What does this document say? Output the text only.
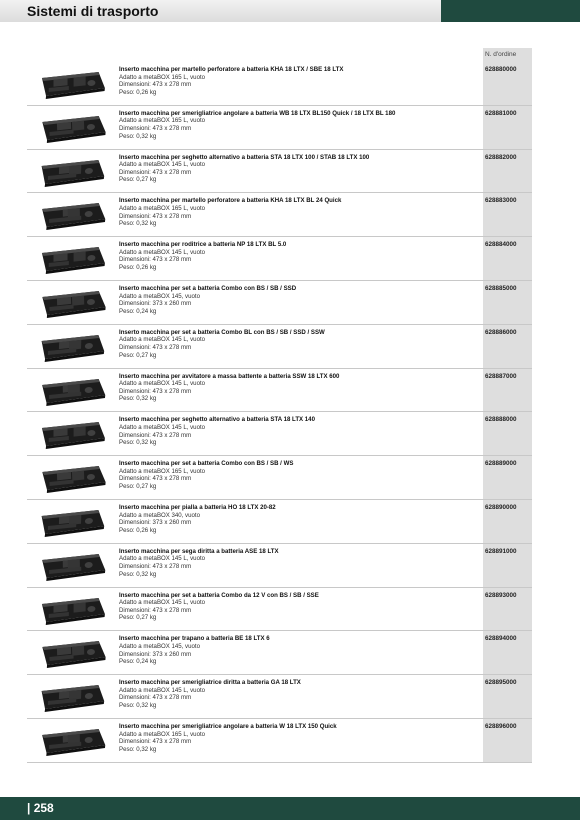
Sistemi di trasporto
N. d'ordine
Inserto macchina per martello perforatore a batteria KHA 18 LTX / SBE 18 LTX
Adatto a metaBOX 165 L, vuoto
Dimensioni: 473 x 278 mm
Peso: 0,26 kg
628880000
Inserto macchina per smerigliatrice angolare a batteria WB 18 LTX BL150 Quick / 18 LTX BL 180
Adatto a metaBOX 165 L, vuoto
Dimensioni: 473 x 278 mm
Peso: 0,32 kg
628881000
Inserto macchina per seghetto alternativo a batteria STA 18 LTX 100 / STAB 18 LTX 100
Adatto a metaBOX 145 L, vuoto
Dimensioni: 473 x 278 mm
Peso: 0,27 kg
628882000
Inserto macchina per martello perforatore a batteria KHA 18 LTX BL 24 Quick
Adatto a metaBOX 165 L, vuoto
Dimensioni: 473 x 278 mm
Peso: 0,32 kg
628883000
Inserto macchina per roditrice a batteria NP 18 LTX BL 5.0
Adatto a metaBOX 145 L, vuoto
Dimensioni: 473 x 278 mm
Peso: 0,26 kg
628884000
Inserto macchina per set a batteria Combo con BS / SB / SSD
Adatto a metaBOX 145, vuoto
Dimensioni: 373 x 260 mm
Peso: 0,24 kg
628885000
Inserto macchina per set a batteria Combo BL con BS / SB / SSD / SSW
Adatto a metaBOX 145 L, vuoto
Dimensioni: 473 x 278 mm
Peso: 0,27 kg
628886000
Inserto macchina per avvitatore a massa battente a batteria SSW 18 LTX 600
Adatto a metaBOX 145 L, vuoto
Dimensioni: 473 x 278 mm
Peso: 0,32 kg
628887000
Inserto macchina per seghetto alternativo a batteria STA 18 LTX 140
Adatto a metaBOX 145 L, vuoto
Dimensioni: 473 x 278 mm
Peso: 0,32 kg
628888000
Inserto macchina per set a batteria Combo con BS / SB / WS
Adatto a metaBOX 165 L, vuoto
Dimensioni: 473 x 278 mm
Peso: 0,27 kg
628889000
Inserto macchina per pialla a batteria HO 18 LTX 20-82
Adatto a metaBOX 340, vuoto
Dimensioni: 373 x 260 mm
Peso: 0,26 kg
628890000
Inserto macchina per sega diritta a batteria ASE 18 LTX
Adatto a metaBOX 145 L, vuoto
Dimensioni: 473 x 278 mm
Peso: 0,32 kg
628891000
Inserto macchina per set a batteria Combo da 12 V con BS / SB / SSE
Adatto a metaBOX 145 L, vuoto
Dimensioni: 473 x 278 mm
Peso: 0,27 kg
628893000
Inserto macchina per trapano a batteria BE 18 LTX 6
Adatto a metaBOX 145, vuoto
Dimensioni: 373 x 260 mm
Peso: 0,24 kg
628894000
Inserto macchina per smerigliatrice diritta a batteria GA 18 LTX
Adatto a metaBOX 145 L, vuoto
Dimensioni: 473 x 278 mm
Peso: 0,32 kg
628895000
Inserto macchina per smerigliatrice angolare a batteria W 18 LTX 150 Quick
Adatto a metaBOX 165 L, vuoto
Dimensioni: 473 x 278 mm
Peso: 0,32 kg
628896000
| 258
